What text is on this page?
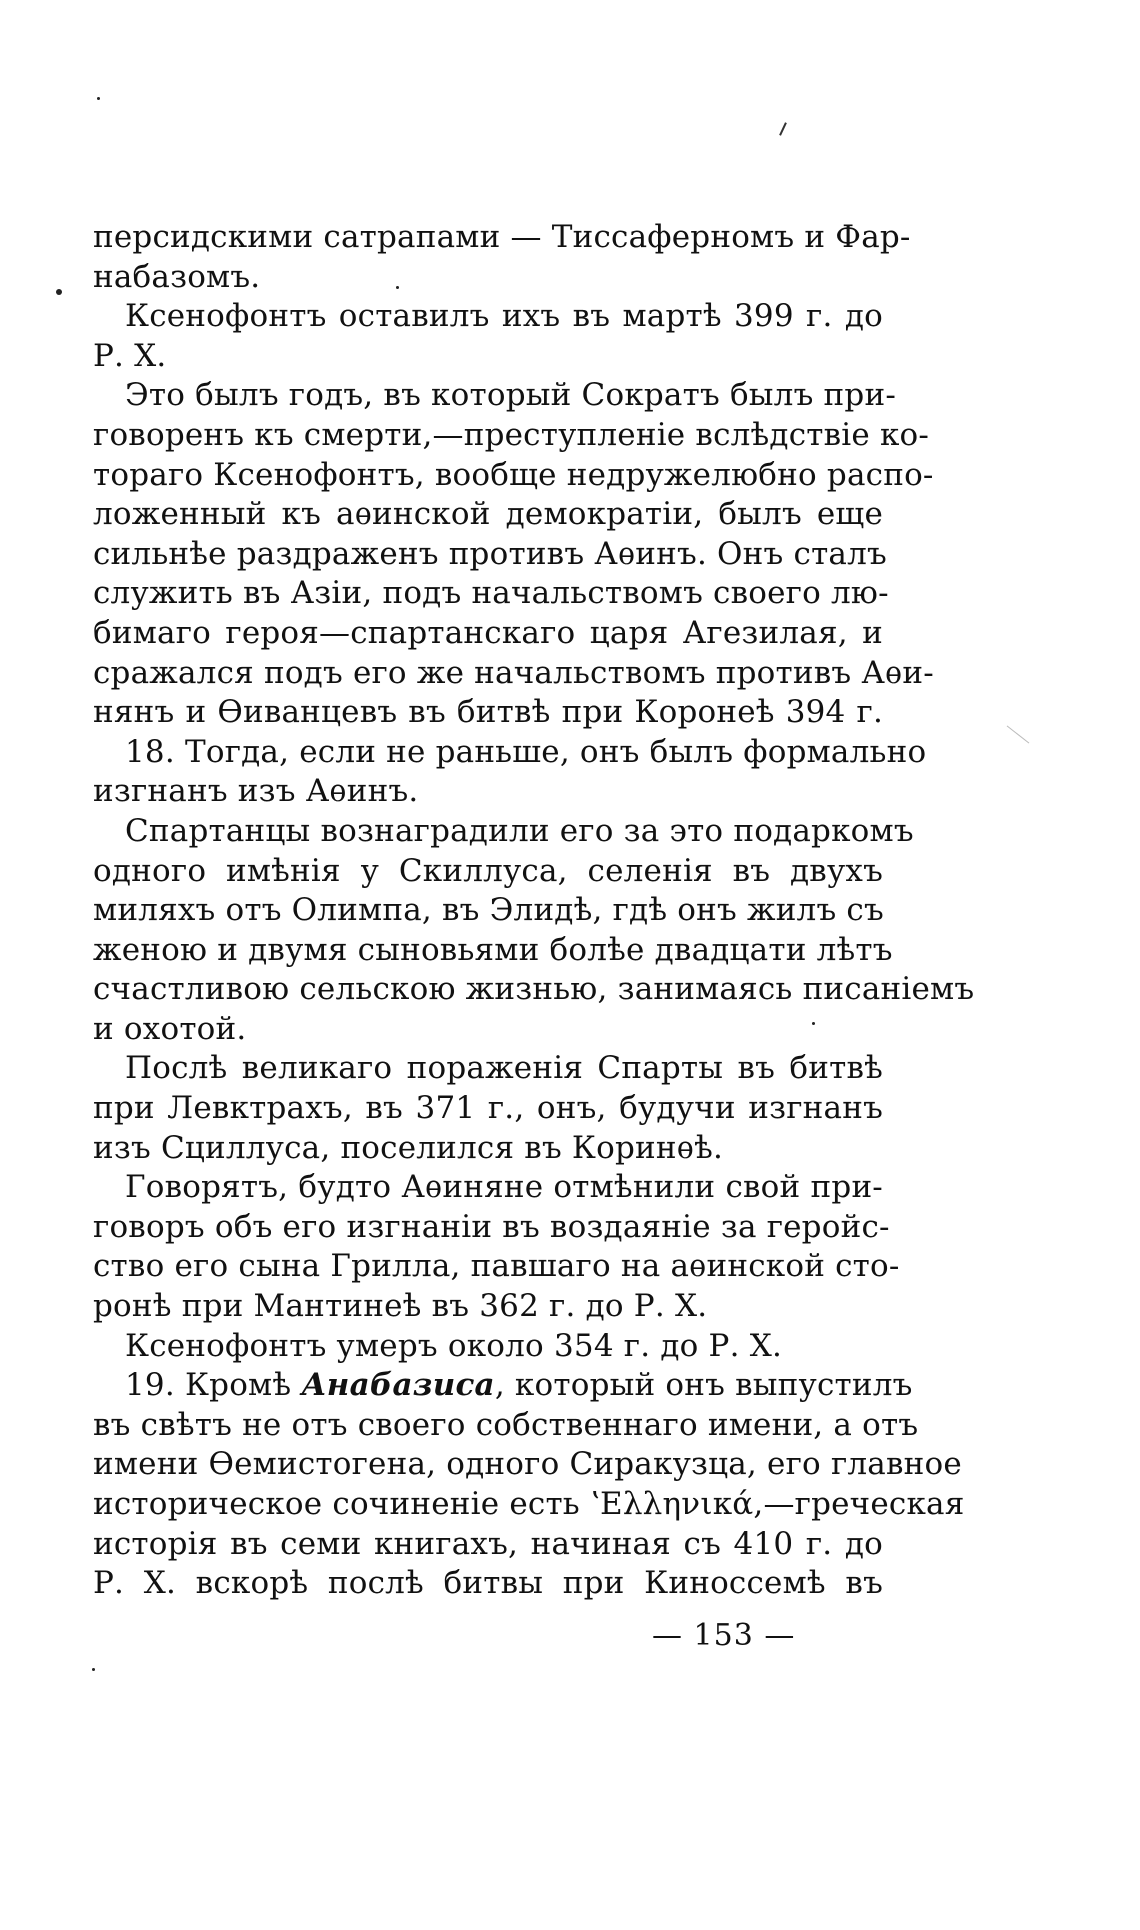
персидскими сатрапами — Тиссаферномъ и Фар-
набазомъ.

Ксенофонтъ оставилъ ихъ въ мартѣ 399 г. до
Р. Х.

Это былъ годъ, въ который Сократъ былъ при-
говоренъ къ смерти,—преступленіе вслѣдствіе ко-
тораго Ксенофонтъ, вообще недружелюбно распо-
ложенный къ аѳинской демократіи, былъ еще
сильнѣе раздраженъ противъ Аѳинъ. Онъ сталъ
служить въ Азіи, подъ начальствомъ своего лю-
бимаго героя—спартанскаго царя Агезилая, и
сражался подъ его же начальствомъ противъ Аѳи-
нянъ и Ѳиванцевъ въ битвѣ при Коронеѣ 394 г.

18. Тогда, если не раньше, онъ былъ формально
изгнанъ изъ Аѳинъ.

Спартанцы вознаградили его за это подаркомъ
одного имѣнія у Скиллуса, селенія въ двухъ
миляхъ отъ Олимпа, въ Элидѣ, гдѣ онъ жилъ съ
женою и двумя сыновьями болѣе двадцати лѣтъ
счастливою сельскою жизнью, занимаясь писаніемъ
и охотой.

Послѣ великаго пораженія Спарты въ битвѣ
при Левктрахъ, въ 371 г., онъ, будучи изгнанъ
изъ Сциллуса, поселился въ Коринѳѣ.

Говорятъ, будто Аѳиняне отмѣнили свой при-
говоръ объ его изгнаніи въ воздаяніе за геройс-
ство его сына Грилла, павшаго на аѳинской сто-
ронѣ при Мантинеѣ въ 362 г. до Р. Х.

Ксенофонтъ умеръ около 354 г. до Р. Х.

19. Кромѣ Анабазиса, который онъ выпустилъ
въ свѣтъ не отъ своего собственнаго имени, а отъ
имени Ѳемистогена, одного Сиракузца, его главное
историческое сочиненіе есть ʽΕλληνικά,—греческая
исторія въ семи книгахъ, начиная съ 410 г. до
Р. Х. вскорѣ послѣ битвы при Киноссемѣ въ

— 153 —
